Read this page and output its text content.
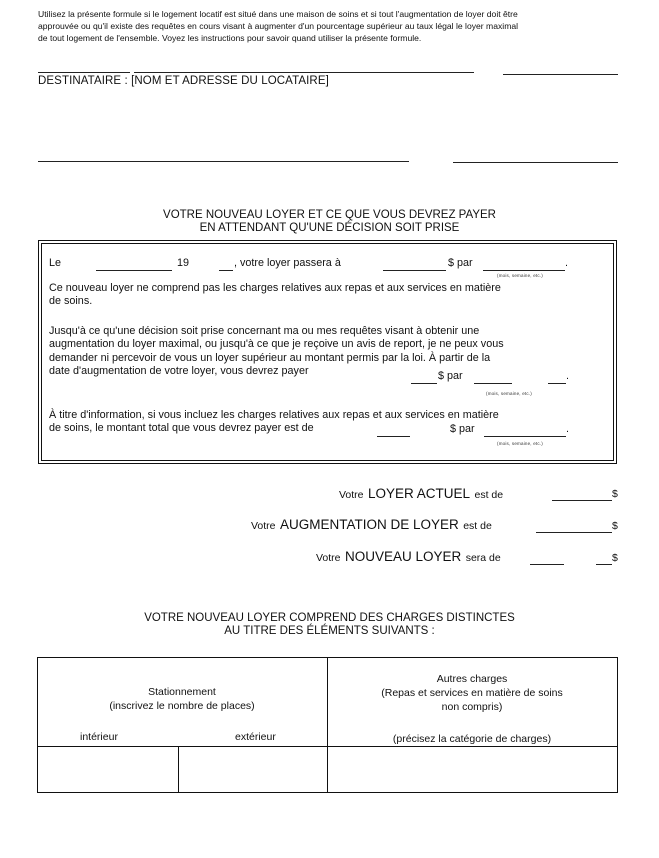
Utilisez la présente formule si le logement locatif est situé dans une maison de soins et si tout l'augmentation de loyer doit être
approuvée ou qu'il existe des requêtes en cours visant à augmenter d'un pourcentage supérieur au taux légal le loyer maximal
de tout logement de l'ensemble. Voyez les instructions pour savoir quand utiliser la présente formule.
DESTINATAIRE : [NOM ET ADRESSE DU LOCATAIRE]
VOTRE NOUVEAU LOYER ET CE QUE VOUS DEVREZ PAYER
EN ATTENDANT QU'UNE DÉCISION SOIT PRISE
Le	19	, votre loyer passera à	$ par	.
(mois, semaine, etc.)
Ce nouveau loyer ne comprend pas les charges relatives aux repas et aux services en matière
de soins.
Jusqu'à ce qu'une décision soit prise concernant ma ou mes requêtes visant à obtenir une
augmentation du loyer maximal, ou jusqu'à ce que je reçoive un avis de report, je ne peux vous
demander ni percevoir de vous un loyer supérieur au montant permis par la loi. À partir de la
date d'augmentation de votre loyer, vous devrez payer	$ par	.
(mois, semaine, etc.)
À titre d'information, si vous incluez les charges relatives aux repas et aux services en matière
de soins, le montant total que vous devrez payer est de	$ par	.
(mois, semaine, etc.)
Votre LOYER ACTUEL est de	$
Votre AUGMENTATION DE LOYER est de	$
Votre NOUVEAU LOYER sera de	$
VOTRE NOUVEAU LOYER COMPREND DES CHARGES DISTINCTES
AU TITRE DES ÉLÉMENTS SUIVANTS :
Stationnement
(inscrivez le nombre de places)
intérieur	extérieur
Autres charges
(Repas et services en matière de soins
non compris)
(précisez la catégorie de charges)
